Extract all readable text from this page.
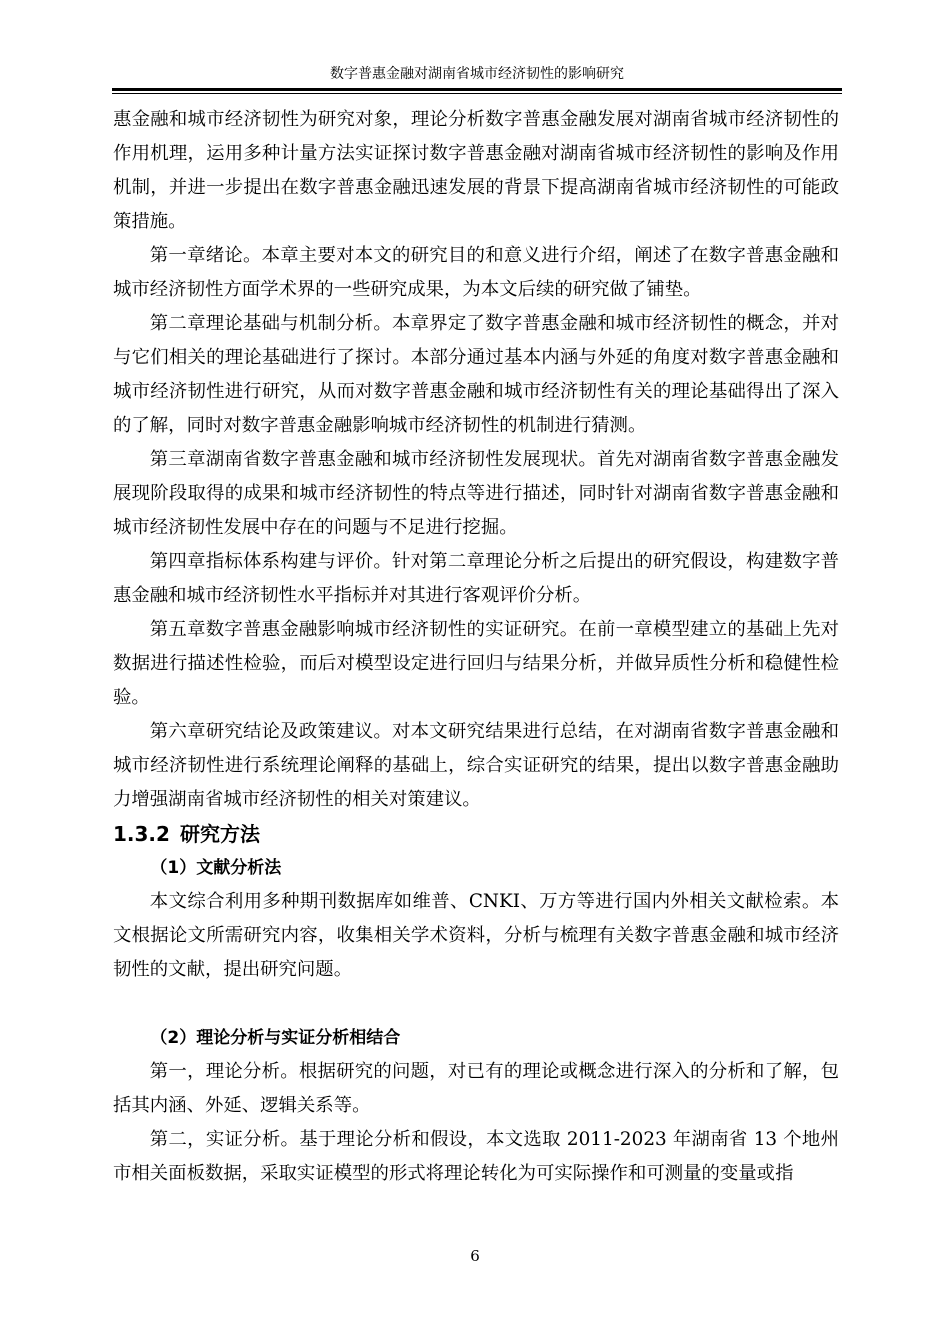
数字普惠金融对湖南省城市经济韧性的影响研究

惠金融和城市经济韧性为研究对象，理论分析数字普惠金融发展对湖南省城市经济韧性的作用机理，运用多种计量方法实证探讨数字普惠金融对湖南省城市经济韧性的影响及作用机制，并进一步提出在数字普惠金融迅速发展的背景下提高湖南省城市经济韧性的可能政策措施。

第一章绪论。本章主要对本文的研究目的和意义进行介绍，阐述了在数字普惠金融和城市经济韧性方面学术界的一些研究成果，为本文后续的研究做了铺垫。

第二章理论基础与机制分析。本章界定了数字普惠金融和城市经济韧性的概念，并对与它们相关的理论基础进行了探讨。本部分通过基本内涵与外延的角度对数字普惠金融和城市经济韧性进行研究，从而对数字普惠金融和城市经济韧性有关的理论基础得出了深入的了解，同时对数字普惠金融影响城市经济韧性的机制进行猜测。

第三章湖南省数字普惠金融和城市经济韧性发展现状。首先对湖南省数字普惠金融发展现阶段取得的成果和城市经济韧性的特点等进行描述，同时针对湖南省数字普惠金融和城市经济韧性发展中存在的问题与不足进行挖掘。

第四章指标体系构建与评价。针对第二章理论分析之后提出的研究假设，构建数字普惠金融和城市经济韧性水平指标并对其进行客观评价分析。

第五章数字普惠金融影响城市经济韧性的实证研究。在前一章模型建立的基础上先对数据进行描述性检验，而后对模型设定进行回归与结果分析，并做异质性分析和稳健性检验。

第六章研究结论及政策建议。对本文研究结果进行总结，在对湖南省数字普惠金融和城市经济韧性进行系统理论阐释的基础上，综合实证研究的结果，提出以数字普惠金融助力增强湖南省城市经济韧性的相关对策建议。

1.3.2 研究方法
（1）文献分析法

本文综合利用多种期刊数据库如维普、CNKI、万方等进行国内外相关文献检索。本文根据论文所需研究内容，收集相关学术资料，分析与梳理有关数字普惠金融和城市经济韧性的文献，提出研究问题。

（2）理论分析与实证分析相结合

第一，理论分析。根据研究的问题，对已有的理论或概念进行深入的分析和了解，包括其内涵、外延、逻辑关系等。

第二，实证分析。基于理论分析和假设，本文选取 2011-2023 年湖南省 13 个地州市相关面板数据，采取实证模型的形式将理论转化为可实际操作和可测量的变量或指

6
